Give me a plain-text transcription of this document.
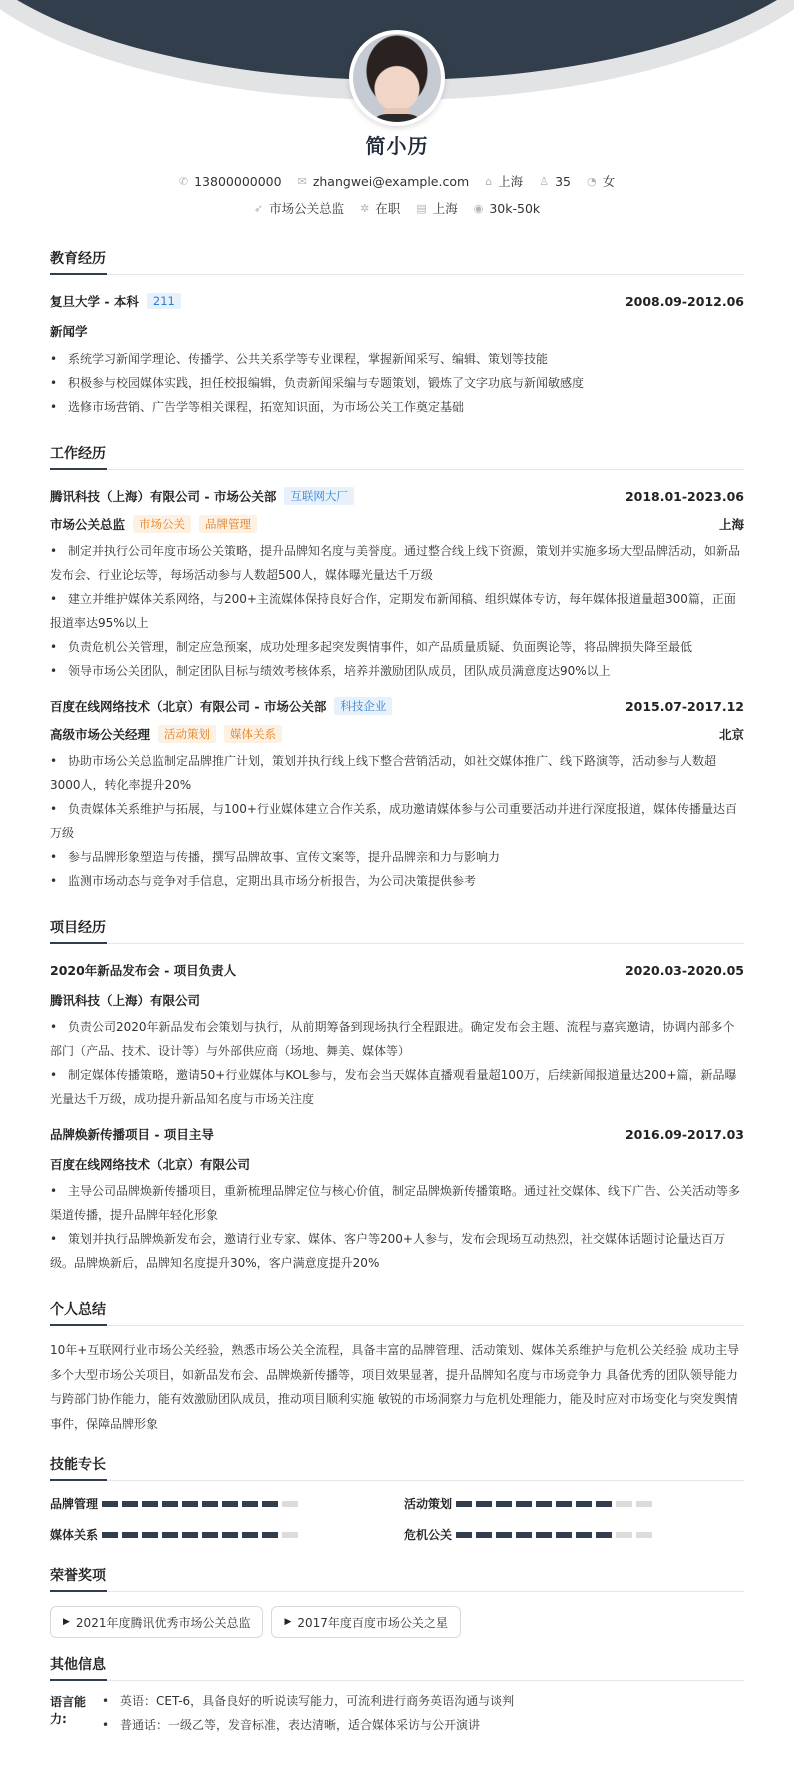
简小历
✆ 13800000000 ✉ zhangwei@example.com ⌂ 上海 ♙ 35 ◔ 女
➶ 市场公关总监 ✲ 在职 ▤ 上海 ◉ 30k-50k
教育经历
复旦大学 - 本科	211	2008.09-2012.06
新闻学
• 系统学习新闻学理论、传播学、公共关系学等专业课程，掌握新闻采写、编辑、策划等技能
• 积极参与校园媒体实践，担任校报编辑，负责新闻采编与专题策划，锻炼了文字功底与新闻敏感度
• 选修市场营销、广告学等相关课程，拓宽知识面，为市场公关工作奠定基础
工作经历
腾讯科技（上海）有限公司 - 市场公关部	互联网大厂	2018.01-2023.06
市场公关总监	市场公关	品牌管理	上海
• 制定并执行公司年度市场公关策略，提升品牌知名度与美誉度。通过整合线上线下资源，策划并实施多场大型品牌活动，如新品发布会、行业论坛等，每场活动参与人数超500人，媒体曝光量达千万级
• 建立并维护媒体关系网络，与200+主流媒体保持良好合作，定期发布新闻稿、组织媒体专访，每年媒体报道量超300篇，正面报道率达95%以上
• 负责危机公关管理，制定应急预案，成功处理多起突发舆情事件，如产品质量质疑、负面舆论等，将品牌损失降至最低
• 领导市场公关团队，制定团队目标与绩效考核体系，培养并激励团队成员，团队成员满意度达90%以上
百度在线网络技术（北京）有限公司 - 市场公关部	科技企业	2015.07-2017.12
高级市场公关经理	活动策划	媒体关系	北京
• 协助市场公关总监制定品牌推广计划，策划并执行线上线下整合营销活动，如社交媒体推广、线下路演等，活动参与人数超3000人，转化率提升20%
• 负责媒体关系维护与拓展，与100+行业媒体建立合作关系，成功邀请媒体参与公司重要活动并进行深度报道，媒体传播量达百万级
• 参与品牌形象塑造与传播，撰写品牌故事、宣传文案等，提升品牌亲和力与影响力
• 监测市场动态与竞争对手信息，定期出具市场分析报告，为公司决策提供参考
项目经历
2020年新品发布会 - 项目负责人	2020.03-2020.05
腾讯科技（上海）有限公司
• 负责公司2020年新品发布会策划与执行，从前期筹备到现场执行全程跟进。确定发布会主题、流程与嘉宾邀请，协调内部多个部门（产品、技术、设计等）与外部供应商（场地、舞美、媒体等）
• 制定媒体传播策略，邀请50+行业媒体与KOL参与，发布会当天媒体直播观看量超100万，后续新闻报道量达200+篇，新品曝光量达千万级，成功提升新品知名度与市场关注度
品牌焕新传播项目 - 项目主导	2016.09-2017.03
百度在线网络技术（北京）有限公司
• 主导公司品牌焕新传播项目，重新梳理品牌定位与核心价值，制定品牌焕新传播策略。通过社交媒体、线下广告、公关活动等多渠道传播，提升品牌年轻化形象
• 策划并执行品牌焕新发布会，邀请行业专家、媒体、客户等200+人参与，发布会现场互动热烈，社交媒体话题讨论量达百万级。品牌焕新后，品牌知名度提升30%，客户满意度提升20%
个人总结
10年+互联网行业市场公关经验，熟悉市场公关全流程，具备丰富的品牌管理、活动策划、媒体关系维护与危机公关经验 成功主导多个大型市场公关项目，如新品发布会、品牌焕新传播等，项目效果显著，提升品牌知名度与市场竞争力 具备优秀的团队领导能力与跨部门协作能力，能有效激励团队成员，推动项目顺利实施 敏锐的市场洞察力与危机处理能力，能及时应对市场变化与突发舆情事件，保障品牌形象
技能专长
品牌管理	活动策划
媒体关系	危机公关
荣誉奖项
▶ 2021年度腾讯优秀市场公关总监	▶ 2017年度百度市场公关之星
其他信息
语言能力:
• 英语：CET-6，具备良好的听说读写能力，可流利进行商务英语沟通与谈判
• 普通话：一级乙等，发音标准，表达清晰，适合媒体采访与公开演讲
